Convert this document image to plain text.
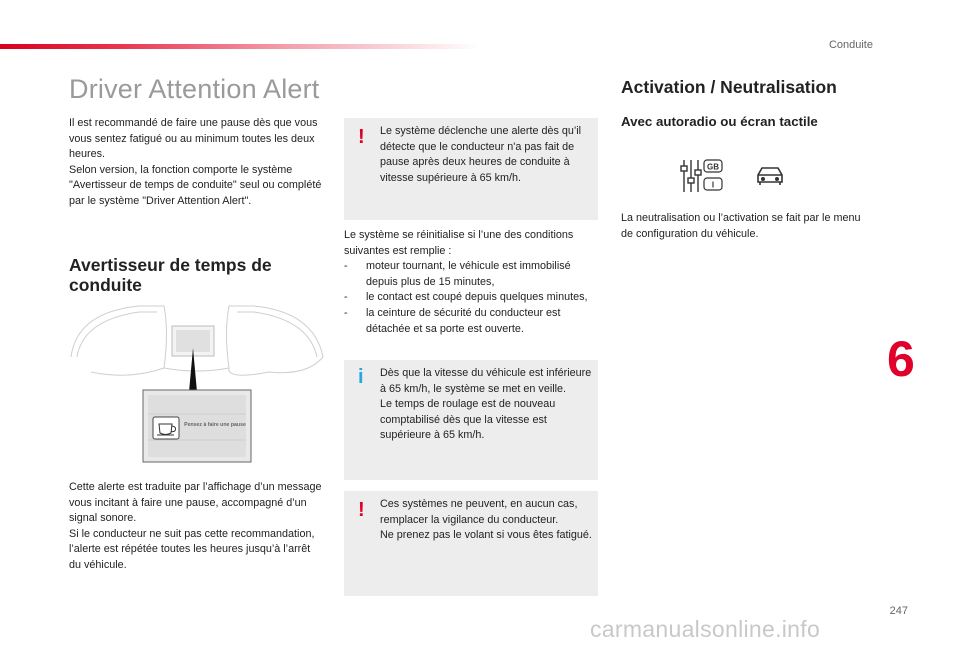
Conduite
Driver Attention Alert

Il est recommandé de faire une pause dès que vous vous sentez fatigué ou au minimum toutes les deux heures.

Selon version, la fonction comporte le système "Avertisseur de temps de conduite" seul ou complété par le système "Driver Attention Alert".

Avertisseur de temps de conduite
Pensez à faire une pause

Cette alerte est traduite par l’affichage d’un message vous incitant à faire une pause, accompagné d’un signal sonore.

Si le conducteur ne suit pas cette recommandation, l’alerte est répétée toutes les heures jusqu’à l’arrêt du véhicule.

! Le système déclenche une alerte dès qu’il détecte que le conducteur n'a pas fait de pause après deux heures de conduite à vitesse supérieure à 65 km/h.

Le système se réinitialise si l’une des conditions suivantes est remplie :

- moteur tournant, le véhicule est immobilisé depuis plus de 15 minutes,

- le contact est coupé depuis quelques minutes,

- la ceinture de sécurité du conducteur est détachée et sa porte est ouverte.

i Dès que la vitesse du véhicule est inférieure à 65 km/h, le système se met en veille.

Le temps de roulage est de nouveau comptabilisé dès que la vitesse est supérieure à 65 km/h.

! Ces systèmes ne peuvent, en aucun cas, remplacer la vigilance du conducteur.

Ne prenez pas le volant si vous êtes fatigué.

Activation / Neutralisation
Avec autoradio ou écran tactile
GB
I
La neutralisation ou l’activation se fait par le menu de configuration du véhicule.
6
247
carmanualsonline.info
